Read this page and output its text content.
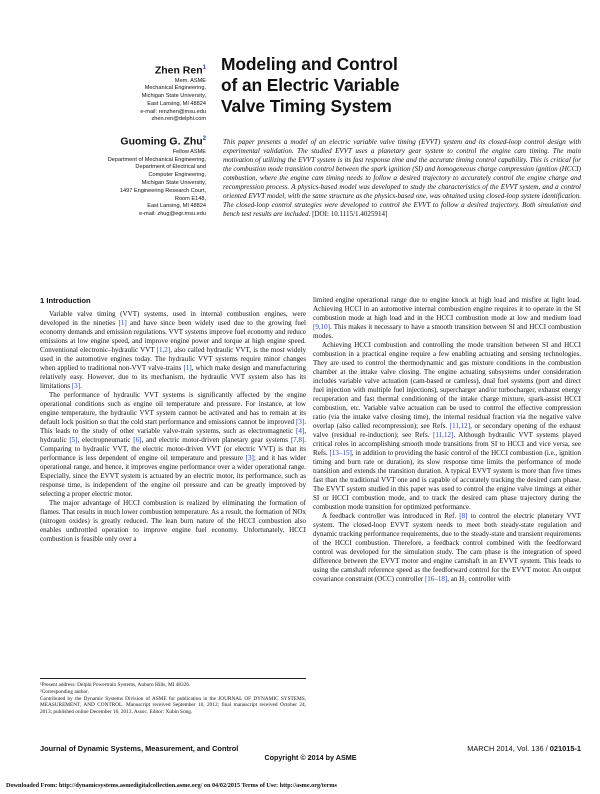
Zhen Ren$^1$
Mem. ASME
Mechanical Engineering,
Michigan State University,
East Lansing, MI 48824
e-mail: renzhen@msu.edu
zhen.ren@delphi.com
Guoming G. Zhu$^2$
Fellow ASME
Department of Mechanical Engineering,
Department of Electrical and
Computer Engineering,
Michigan State University,
1497 Engineering Research Court,
Room E148,
East Lansing, MI 48824
e-mail: zhug@egr.msu.edu
Modeling and Control
of an Electric Variable
Valve Timing System
This paper presents a model of an electric variable valve timing (EVVT) system and its closed-loop control design with experimental validation. The studied EVVT uses a planetary gear system to control the engine cam timing. The main motivation of utilizing the EVVT system is its fast response time and the accurate timing control capability. This is critical for the combustion mode transition control between the spark ignition (SI) and homogeneous charge compression ignition (HCCI) combustion, where the engine cam timing needs to follow a desired trajectory to accurately control the engine charge and recompression process. A physics-based model was developed to study the characteristics of the EVVT system, and a control oriented EVVT model, with the same structure as the physics-based one, was obtained using closed-loop system identification. The closed-loop control strategies were developed to control the EVVT to follow a desired trajectory. Both simulation and bench test results are included. [DOI: 10.1115/1.4025914]
1 Introduction

Variable valve timing (VVT) systems, used in internal combustion engines, were developed in the nineties [1] and have since been widely used due to the growing fuel economy demands and emission regulations. VVT systems improve fuel economy and reduce emissions at low engine speed, and improve engine power and torque at high engine speed. Conventional electronic–hydraulic VVT [1,2], also called hydraulic VVT, is the most widely used in the automotive engines today. The hydraulic VVT systems require minor changes when applied to traditional non-VVT valve-trains [1], which make design and manufacturing relatively easy. However, due to its mechanism, the hydraulic VVT system also has its limitations [3].

The performance of hydraulic VVT systems is significantly affected by the engine operational conditions such as engine oil temperature and pressure. For instance, at low engine temperature, the hydraulic VVT system cannot be activated and has to remain at its default lock position so that the cold start performance and emissions cannot be improved [3]. This leads to the study of other variable valve-train systems, such as electromagnetic [4], hydraulic [5], electropneumatic [6], and electric motor-driven planetary gear systems [7,8]. Comparing to hydraulic VVT, the electric motor-driven VVT (or electric VVT) is that its performance is less dependent of engine oil temperature and pressure [3]; and it has wider operational range, and hence, it improves engine performance over a wider operational range. Especially, since the EVVT system is actuated by an electric motor, its performance, such as response time, is independent of the engine oil pressure and can be greatly improved by selecting a proper electric motor.

The major advantage of HCCI combustion is realized by eliminating the formation of flames. That results in much lower combustion temperature. As a result, the formation of NOx (nitrogen oxides) is greatly reduced. The lean burn nature of the HCCI combustion also enables unthrottled operation to improve engine fuel economy. Unfortunately, HCCI combustion is feasible only over a

limited engine operational range due to engine knock at high load and misfire at light load. Achieving HCCI in an automotive internal combustion engine requires it to operate in the SI combustion mode at high load and in the HCCI combustion mode at low and medium load [9,10]. This makes it necessary to have a smooth transition between SI and HCCI combustion modes.

Achieving HCCI combustion and controlling the mode transition between SI and HCCI combustion in a practical engine require a few enabling actuating and sensing technologies. They are used to control the thermodynamic and gas mixture conditions in the combustion chamber at the intake valve closing. The engine actuating subsystems under consideration includes variable valve actuation (cam-based or camless), dual fuel systems (port and direct fuel injection with multiple fuel injections), supercharger and/or turbocharger, exhaust energy recuperation and fast thermal conditioning of the intake charge mixture, spark-assist HCCI combustion, etc. Variable valve actuation can be used to control the effective compression ratio (via the intake valve closing time), the internal residual fraction via the negative valve overlap (also called recompression); see Refs. [11,12], or secondary opening of the exhaust valve (residual re-induction); see Refs. [11,12]. Although hydraulic VVT systems played critical roles in accomplishing smooth mode transitions from SI to HCCI and vice versa, see Refs. [13–15], in addition to providing the basic control of the HCCI combustion (i.e., ignition timing and burn rate or duration), its slow response time limits the performance of mode transition and extends the transition duration. A typical EVVT system is more than five times fast than the traditional VVT one and is capable of accurately tracking the desired cam phase. The EVVT system studied in this paper was used to control the engine valve timings at either SI or HCCI combustion mode, and to track the desired cam phase trajectory during the combustion mode transition for optimized performance.

A feedback controller was introduced in Ref. [8] to control the electric planetary VVT system. The closed-loop EVVT system needs to meet both steady-state regulation and dynamic tracking performance requirements, due to the steady-state and transient requirements of the HCCI combustion. Therefore, a feedback control combined with the feedforward control was developed for the simulation study. The cam phase is the integration of speed difference between the EVVT motor and engine camshaft in an EVVT system. This leads to using the camshaft reference speed as the feedforward control for the EVVT motor. An output covariance constraint (OCC) controller [16–18], an H₂ controller with

¹Present address: Delphi Powertrain Systems, Auburn Hills, MI 48326.
²Corresponding author.
Contributed by the Dynamic Systems Division of ASME for publication in the JOURNAL OF DYNAMIC SYSTEMS, MEASUREMENT, AND CONTROL. Manuscript received September 10, 2012; final manuscript received October 24, 2013; published online December 16, 2013. Assoc. Editor: Xubin Song.
Journal of Dynamic Systems, Measurement, and Control	MARCH 2014, Vol. 136 / 021015-1
Copyright © 2014 by ASME
Downloaded From: http://dynamicsystems.asmedigitalcollection.asme.org/ on 04/02/2015 Terms of Use: http://asme.org/terms
